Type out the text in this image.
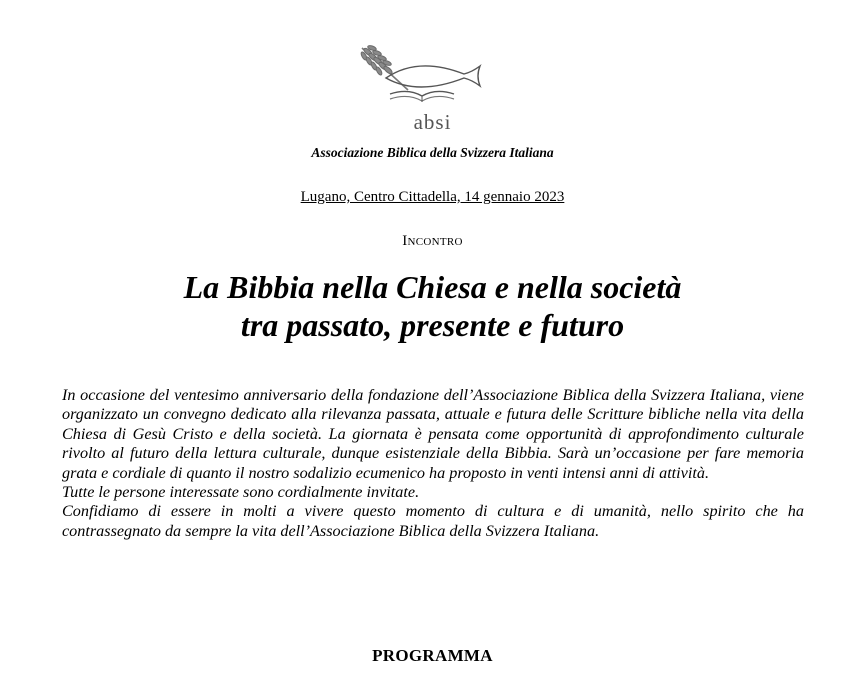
absi
Associazione Biblica della Svizzera Italiana
Lugano, Centro Cittadella, 14 gennaio 2023
Incontro
La Bibbia nella Chiesa e nella società
tra passato, presente e futuro

In occasione del ventesimo anniversario della fondazione dell’Associazione Biblica della Svizzera Italiana, viene organizzato un convegno dedicato alla rilevanza passata, attuale e futura delle Scritture bibliche nella vita della Chiesa di Gesù Cristo e della società. La giornata è pensata come opportunità di approfondimento culturale rivolto al futuro della lettura culturale, dunque esistenziale della Bibbia. Sarà un’occasione per fare memoria grata e cordiale di quanto il nostro sodalizio ecumenico ha proposto in venti intensi anni di attività.

Tutte le persone interessate sono cordialmente invitate.

Confidiamo di essere in molti a vivere questo momento di cultura e di umanità, nello spirito che ha contrassegnato da sempre la vita dell’Associazione Biblica della Svizzera Italiana.

PROGRAMMA
